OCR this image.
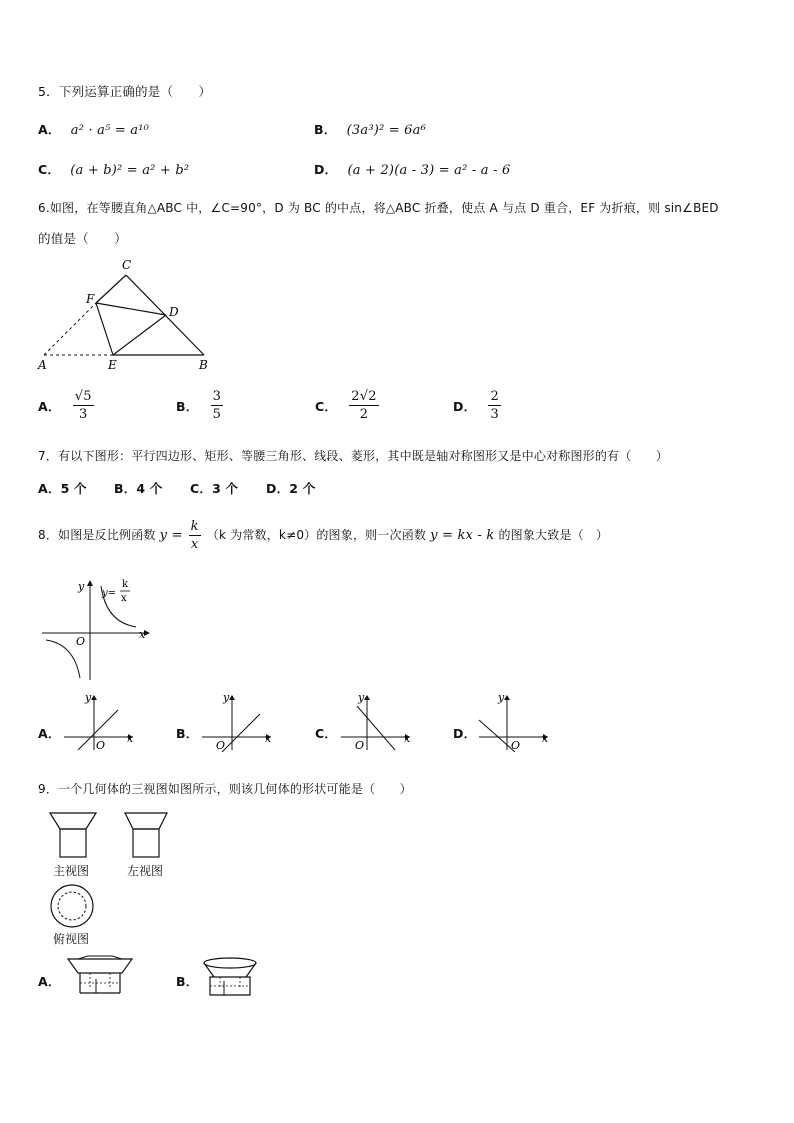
5．下列运算正确的是（　　）
A． a² · a⁵ = a¹⁰	B． (3a³)² = 6a⁶
C． (a + b)² = a² + b²	D． (a + 2)(a - 3) = a² - a - 6
6.如图，在等腰直角△ABC 中，∠C=90°，D 为 BC 的中点，将△ABC 折叠，使点 A 与点 D 重合，EF 为折痕，则 sin∠BED
的值是（　　）
C
F
D
A	E	B
A． $\frac{√5}{3}$	B． $\frac{3}{5}$	C． $\frac{2√2}{2}$	D． $\frac{2}{3}$
7．有以下图形：平行四边形、矩形、等腰三角形、线段、菱形，其中既是轴对称图形又是中心对称图形的有（　　）
A．5 个 B．4 个 C．3 个 D．2 个
8．如图是反比例函数 $y = \frac{k}{x} (k$ 为常数，k≠0）的图象，则一次函数 y = kx - k 的图象大致是（　）
y
x
O
y=
k
x
A．
y
x
O
B．
y
x
O
C．
y
x
O
D．
y
x
O
9．一个几何体的三视图如图所示，则该几何体的形状可能是（　　）
主视图	左视图
俯视图
A．	B．
